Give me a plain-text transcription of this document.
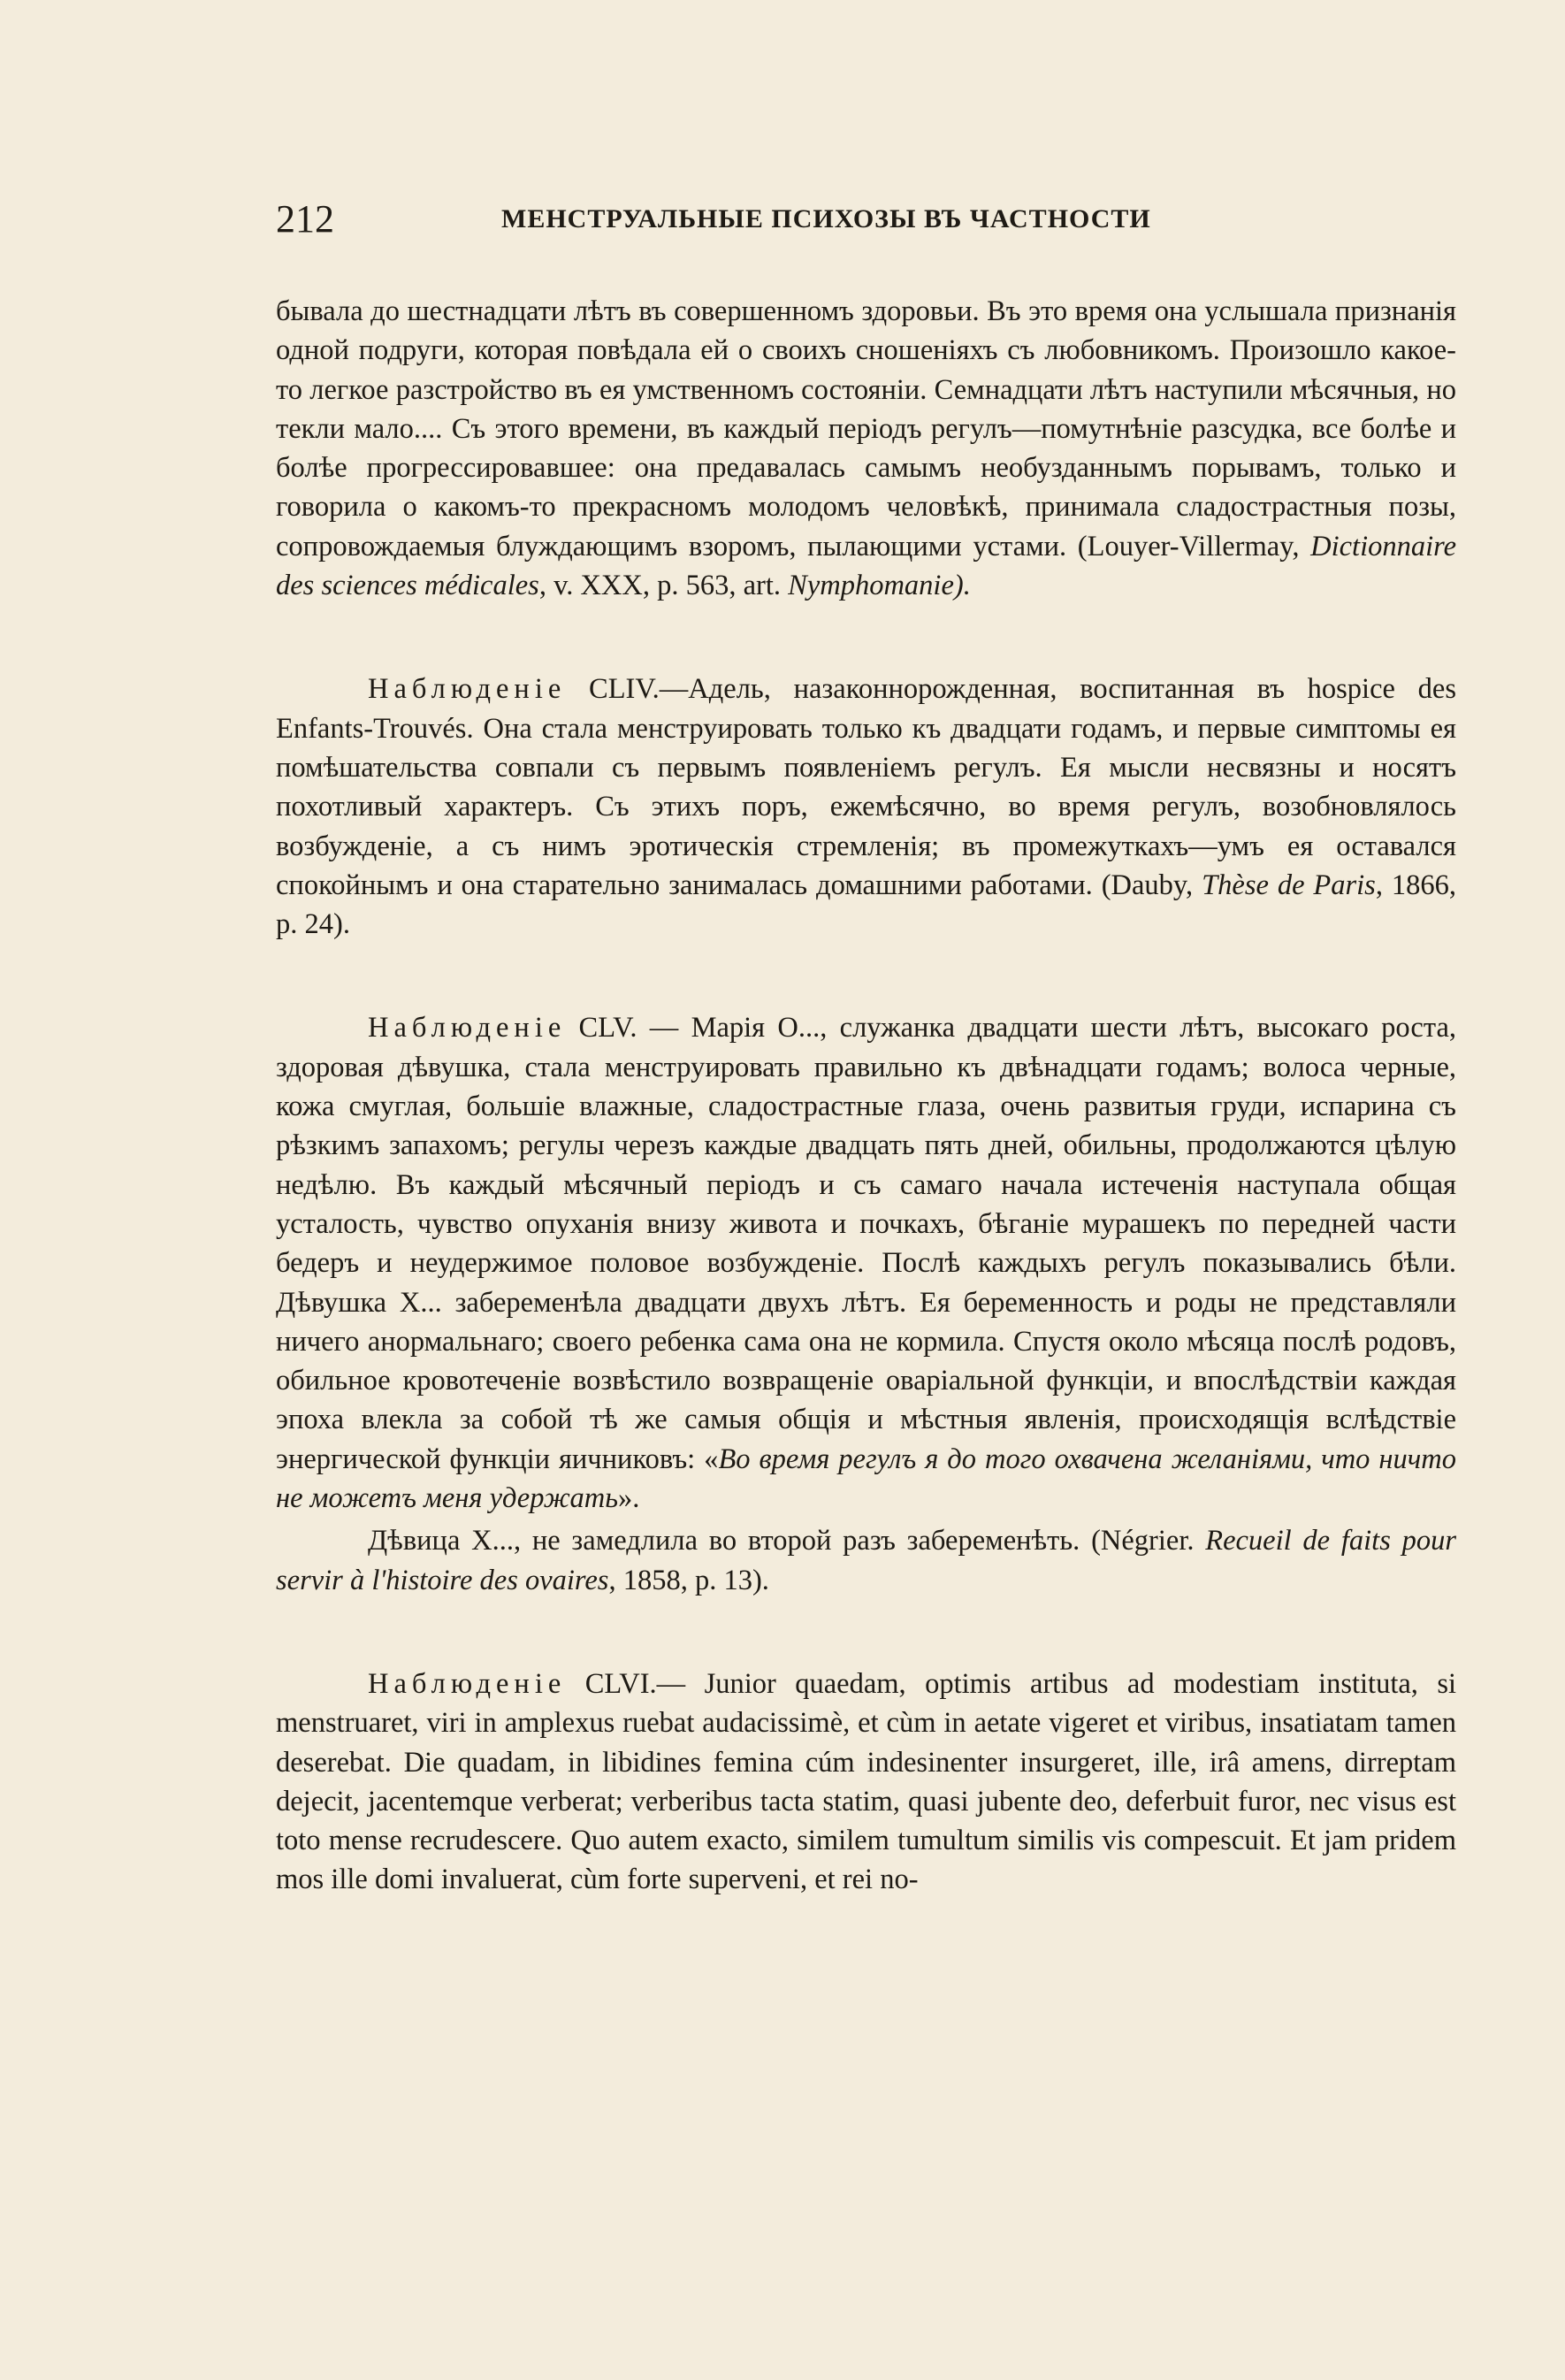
212	МЕНСТРУАЛЬНЫЕ ПСИХОЗЫ ВЪ ЧАСТНОСТИ

бывала до шестнадцати лѣтъ въ совершенномъ здоровьи. Въ это время она услышала признанія одной подруги, которая повѣдала ей о своихъ сношеніяхъ съ любовникомъ. Произошло какое-то легкое разстройство въ ея умственномъ состояніи. Семнадцати лѣтъ наступили мѣсячныя, но текли мало.... Съ этого времени, въ каждый періодъ регулъ—помутнѣніе разсудка, все болѣе и болѣе прогрессировавшее: она предавалась самымъ необузданнымъ порывамъ, только и говорила о какомъ-то прекрасномъ молодомъ человѣкѣ, принимала сладострастныя позы, сопровождаемыя блуждающимъ взоромъ, пылающими устами. (Louyer-Villermay, Dictionnaire des sciences médicales, v. XXX, p. 563, art. Nymphomanie).

Наблюденіе CLIV.—Адель, назаконнорожденная, воспитанная въ hospice des Enfants-Trouvés. Она стала менструировать только къ двадцати годамъ, и первые симптомы ея помѣшательства совпали съ первымъ появленіемъ регулъ. Ея мысли несвязны и носятъ похотливый характеръ. Съ этихъ поръ, ежемѣсячно, во время регулъ, возобновлялось возбужденіе, а съ нимъ эротическія стремленія; въ промежуткахъ—умъ ея оставался спокойнымъ и она старательно занималась домашними работами. (Dauby, Thèse de Paris, 1866, p. 24).

Наблюденіе CLV. — Марія О..., служанка двадцати шести лѣтъ, высокаго роста, здоровая дѣвушка, стала менструировать правильно къ двѣнадцати годамъ; волоса черные, кожа смуглая, большіе влажные, сладострастные глаза, очень развитыя груди, испарина съ рѣзкимъ запахомъ; регулы черезъ каждые двадцать пять дней, обильны, продолжаются цѣлую недѣлю. Въ каждый мѣсячный періодъ и съ самаго начала истеченія наступала общая усталость, чувство опуханія внизу живота и почкахъ, бѣганіе мурашекъ по передней части бедеръ и неудержимое половое возбужденіе. Послѣ каждыхъ регулъ показывались бѣли. Дѣвушка X... забеременѣла двадцати двухъ лѣтъ. Ея беременность и роды не представляли ничего анормальнаго; своего ребенка сама она не кормила. Спустя около мѣсяца послѣ родовъ, обильное кровотеченіе возвѣстило возвращеніе оваріальной функціи, и впослѣдствіи каждая эпоха влекла за собой тѣ же самыя общія и мѣстныя явленія, происходящія вслѣдствіе энергической функціи яичниковъ: «Во время регулъ я до того охвачена желаніями, что ничто не можетъ меня удержать».

Дѣвица X..., не замедлила во второй разъ забеременѣть. (Négrier. Recueil de faits pour servir à l'histoire des ovaires, 1858, p. 13).

Наблюденіе CLVI.— Junior quaedam, optimis artibus ad modestiam instituta, si menstruaret, viri in amplexus ruebat audacissimè, et cùm in aetate vigeret et viribus, insatiatam tamen deserebat. Die quadam, in libidines femina cúm indesinenter insurgeret, ille, irâ amens, dirreptam dejecit, jacentemque verberat; verberibus tacta statim, quasi jubente deo, deferbuit furor, nec visus est toto mense recrudescere. Quo autem exacto, similem tumultum similis vis compescuit. Et jam pridem mos ille domi invaluerat, cùm forte superveni, et rei no-
